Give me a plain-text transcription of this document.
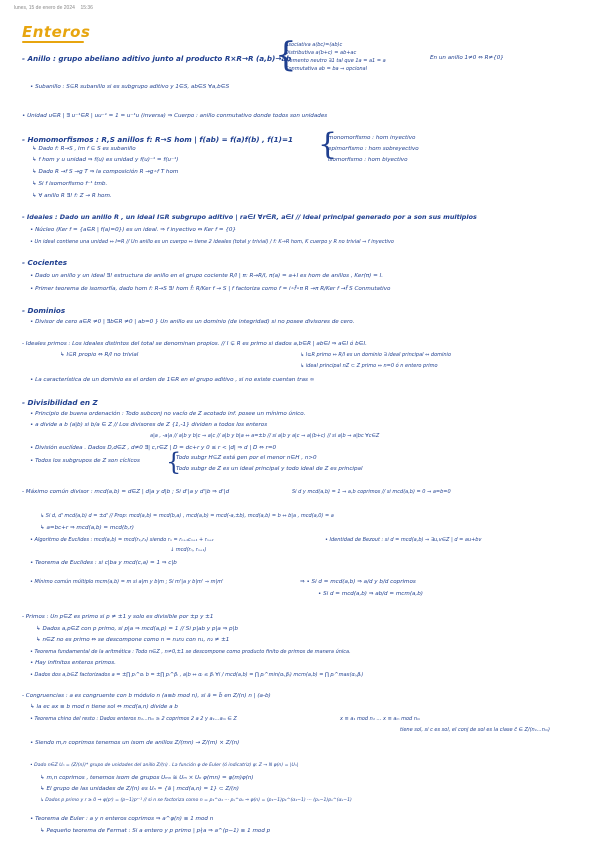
lunes, 15 de enero de 2024 15:36
Enteros
- Anillo : grupo abeliano aditivo junto al producto R×R→R (a,b)→ab
{
Asociativa a(bc)=(ab)c
Distributiva a(b+c) = ab+ac
Elemento neutro ∃1 tal que 1a = a1 = a
Conmutativa ab = ba ⇒ opcional
En un anillo 1≠0 ⇔ R≠{0}
• Subanillo : S⊆R subanillo si es subgrupo aditivo y 1∈S, ab∈S ∀a,b∈S
• Unidad u∈R | ∃ u⁻¹∈R | uu⁻¹ = 1 = u⁻¹u (inversa) ⇒ Cuerpo : anillo conmutativo donde todos son unidades
- Homomorfismos : R,S anillos f: R→S hom | f(ab) = f(a)f(b) , f(1)=1 {
monomorfismo : hom inyectivo
epimorfismo : hom sobreyectivo
isomorfismo : hom biyectivo
↳ Dado f: R→S , Im f ⊆ S es subanillo
↳ f hom y u unidad ⇒ f(u) es unidad y f(u)⁻¹ = f(u⁻¹)
↳ Dado R →f S →g T ⇒ la composición R →g∘f T hom
↳ Si f isomorfismo f⁻¹ tmb.
↳ ∀ anillo R ∃! f: Z → R hom.
- Ideales : Dado un anillo R , un ideal I⊆R subgrupo aditivo | ra∈I ∀r∈R, a∈I // Ideal principal generado por a son sus multiplos
• Núcleo (Ker f = {a∈R | f(a)=0}) es un ideal. ⇒ f inyectivo ⇔ Ker f = {0}
• Un ideal contiene una unidad ⇔ I=R // Un anillo es un cuerpo ⇔ tiene 2 ideales (total y trivial) / f: K→R hom, K cuerpo y R no trivial ⇒ f inyectivo
- Cocientes
• Dado un anillo y un ideal ∃! estructura de anillo en el grupo cociente R/I | π: R→R/I, π(a) = a+I es hom de anillos , Ker(π) = I.
• Primer teorema de isomorfía, dado hom f: R→S ∃! hom f̄: R/Ker f → S | f factoriza como f = i∘f̄∘π R →π R/Ker f →f̄ S Conmutativo
- Dominios
• Divisor de cero a∈R ≠0 | ∃b∈R ≠0 | ab=0 } Un anillo es un dominio (de integridad) si no posee divisores de cero.
- Ideales primos : Los ideales distintos del total se denominan propios. // I ⊊ R es primo si dados a,b∈R | ab∈I ⇒ a∈I ó b∈I.
↳ I⊆R propio ⇔ R/I no trivial	↳ I⊆R primo ⇔ R/I es un dominio ∃ ideal principal ⇔ dominio
↳ ideal principal nZ ⊂ Z primo ⇔ n=0 ó n entero primo
• La característica de un dominio es el orden de 1∈R en el grupo aditivo , si no existe cuentan tras ∞
- Divisibilidad en Z
• Principio de buena ordenación : Todo subconj no vacío de Z acotado inf. posee un mínimo único.
• a divide a b (a|b) si b/a ∈ Z // Los divisores de Z {1,-1} dividen a todos los enteros
a|a , -a|a // a|b y b|c ⇒ a|c // a|b y b|a ⇔ a=±b // si a|b y a|c ⇒ a|(b+c) // si a|b ⇒ a|bc ∀c∈Z
• División euclídea . Dados D,d∈Z , d≠0 ∃| c,r∈Z | D = dc+r y 0 ≤ r < |d| ⇒ d | D ⇔ r=0
• Todos los subgrupos de Z son cíclicos {
Todo subgr H⊆Z está gen por el menor n∈H , n>0
Todo subgr de Z es un ideal principal y todo ideal de Z es principal
- Máximo común divisor : mcd(a,b) = d∈Z | d|a y d|b ; Si d'|a y d'|b ⇒ d'|d	Si d y mcd(a,b) = 1 ⇒ a,b coprimos // si mcd(a,b) = 0 ⇒ a=b=0
↳ Si d, d' mcd(a,b) d = ±d' // Prop: mcd(a,b) = mcd(b,a) , mcd(a,b) = mcd(-a,±b), mcd(a,b) = b ⇔ b|a , mcd(a,0) = a
↳ a=bc+r ⇒ mcd(a,b) = mcd(b,r)
• Algoritmo de Euclides : mcd(a,b) = mcd(r₁,r₂) siendo rₙ = rₙ₊₁cₙ₊₁ + rₙ₊₂
↓ mcd(rₙ, rₙ₊₁)
• Identidad de Bezout : si d = mcd(a,b) ⇒ ∃u,v∈Z | d = au+bv
• Teorema de Euclides : si c|ba y mcd(c,a) = 1 ⇒ c|b
• Mínimo común múltiplo mcm(a,b) = m si a|m y b|m ; Si m'|a y b|m' ⇒ m|m'	⇒ • Si d = mcd(a,b) ⇒ a/d y b/d coprimos
• Si d = mcd(a,b) ⇒ ab/d = mcm(a,b)
- Primos : Un p∈Z es primo si p ≠ ±1 y solo es divisible por ±p y ±1
↳ Dados a,p∈Z con p primo, si p|a ⇒ mcd(a,p) = 1 // Si p|ab y p|a ⇒ p|b
↳ n∈Z no es primo ⇔ se descompone como n = n₁n₂ con n₁, n₂ ≠ ±1
• Teorema fundamental de la aritmética : Todo n∈Z , n≠0,±1 se descompone como producto finito de primos de manera única.
• Hay infinitos enteros primos.
• Dados dos a,b∈Z factorizados a = ±∏ pᵢ^αᵢ b = ±∏ pᵢ^βᵢ , a|b ⇔ αᵢ ≤ βᵢ ∀i / mcd(a,b) = ∏ pᵢ^min(αᵢ,βᵢ) mcm(a,b) = ∏ pᵢ^max(αᵢ,βᵢ)
- Congruencias : a es congruente con b módulo n (a≡b mod n), si ā = b̄ en Z/(n) n | (a-b)
↳ la ec ax ≡ b mod n tiene sol ⇔ mcd(a,n) divide a b
• Teorema chino del resto : Dados enteros n₁…nₘ ≥ 2 coprimos 2 a 2 y a₁…aₘ ∈ Z	x ≡ a₁ mod n₁ … x ≡ aₘ mod nₘ
tiene sol, si c es sol, el conj de sol es la clase c̄ ∈ Z/(n₁…nₘ)
• Siendo m,n coprimos tenemos un isom de anillos Z/(mn) → Z/(m) × Z/(n)
• Dado n∈Z Uₙ = (Z/(n))* grupo de unidades del anillo Z/(n) . La función φ de Euler (ó indicatriz) φ: Z → N φ(n) = |Uₙ|
↳ m,n coprimos , tenemos isom de grupos Uₘₙ ≅ Uₘ × Uₙ φ(mn) = φ(m)φ(n)
↳ El grupo de las unidades de Z/(n) es Uₙ = {ā | mcd(a,n) = 1} ⊂ Z/(n)
↳ Dados p primo y r ≥ 0 ⇒ φ(pʳ) = (p−1)pʳ⁻¹ // si n se factoriza como n = p₁^α₁ ⋯ pₛ^αₛ ⇒ φ(n) = (p₁−1)p₁^(α₁−1) ⋯ (pₛ−1)pₛ^(αₛ−1)
• Teorema de Euler : a y n enteros coprimos ⇒ a^φ(n) ≡ 1 mod n
↳ Pequeño teorema de Fermat : Si a entero y p primo | p∤a ⇒ a^(p−1) ≡ 1 mod p
